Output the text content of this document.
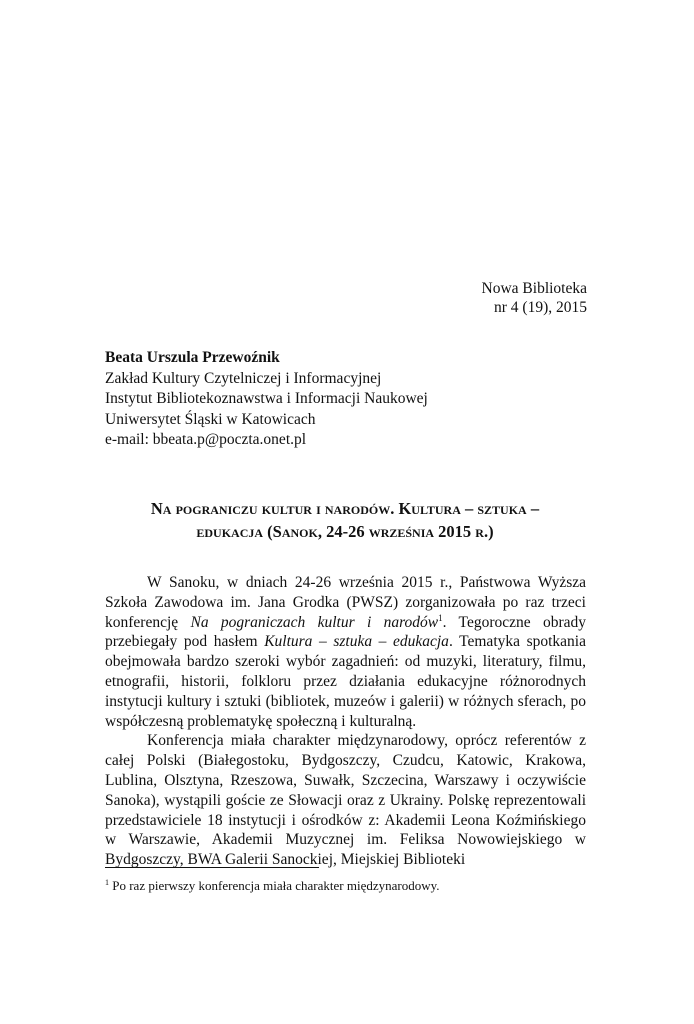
Nowa Biblioteka
nr 4 (19), 2015
Beata Urszula Przewoźnik
Zakład Kultury Czytelniczej i Informacyjnej
Instytut Bibliotekoznawstwa i Informacji Naukowej
Uniwersytet Śląski w Katowicach
e-mail: bbeata.p@poczta.onet.pl
Na pograniczu kultur i narodów. Kultura – sztuka –
edukacja (Sanok, 24-26 września 2015 r.)

W Sanoku, w dniach 24-26 września 2015 r., Państwowa Wyższa Szkoła Zawodowa im. Jana Grodka (PWSZ) zorganizowała po raz trzeci konferencję Na pograniczach kultur i narodów$^1$. Tegoroczne obrady przebiegały pod hasłem Kultura – sztuka – edukacja. Tematyka spotkania obejmowała bardzo szeroki wybór zagadnień: od muzyki, literatury, filmu, etnografii, historii, folkloru przez działania edukacyjne różnorodnych instytucji kultury i sztuki (bibliotek, muzeów i galerii) w różnych sferach, po współczesną problematykę społeczną i kulturalną.

Konferencja miała charakter międzynarodowy, oprócz referentów z całej Polski (Białegostoku, Bydgoszczy, Czudcu, Katowic, Krakowa, Lublina, Olsztyna, Rzeszowa, Suwałk, Szczecina, Warszawy i oczywiście Sanoka), wystąpili goście ze Słowacji oraz z Ukrainy. Polskę reprezentowali przedstawiciele 18 instytucji i ośrodków z: Akademii Leona Koźmińskiego w Warszawie, Akademii Muzycznej im. Feliksa Nowowiejskiego w Bydgoszczy, BWA Galerii Sanockiej, Miejskiej Biblioteki

$^1$ Po raz pierwszy konferencja miała charakter międzynarodowy.
